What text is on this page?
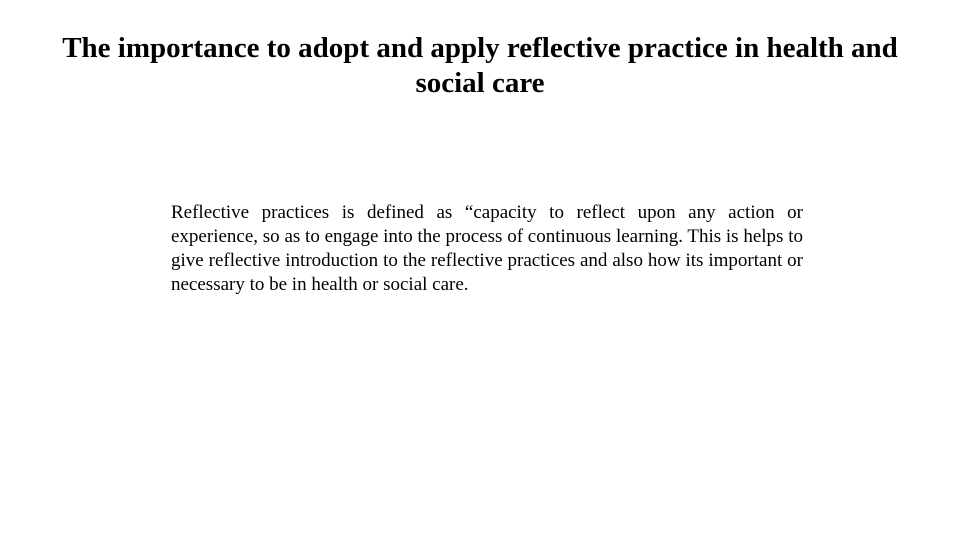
The importance to adopt and apply reflective practice in health and social care

Reflective practices is defined as “capacity to reflect upon any action or experience, so as to engage into the process of continuous learning. This is helps to give reflective introduction to the reflective practices and also how its important or necessary to be in health or social care.
